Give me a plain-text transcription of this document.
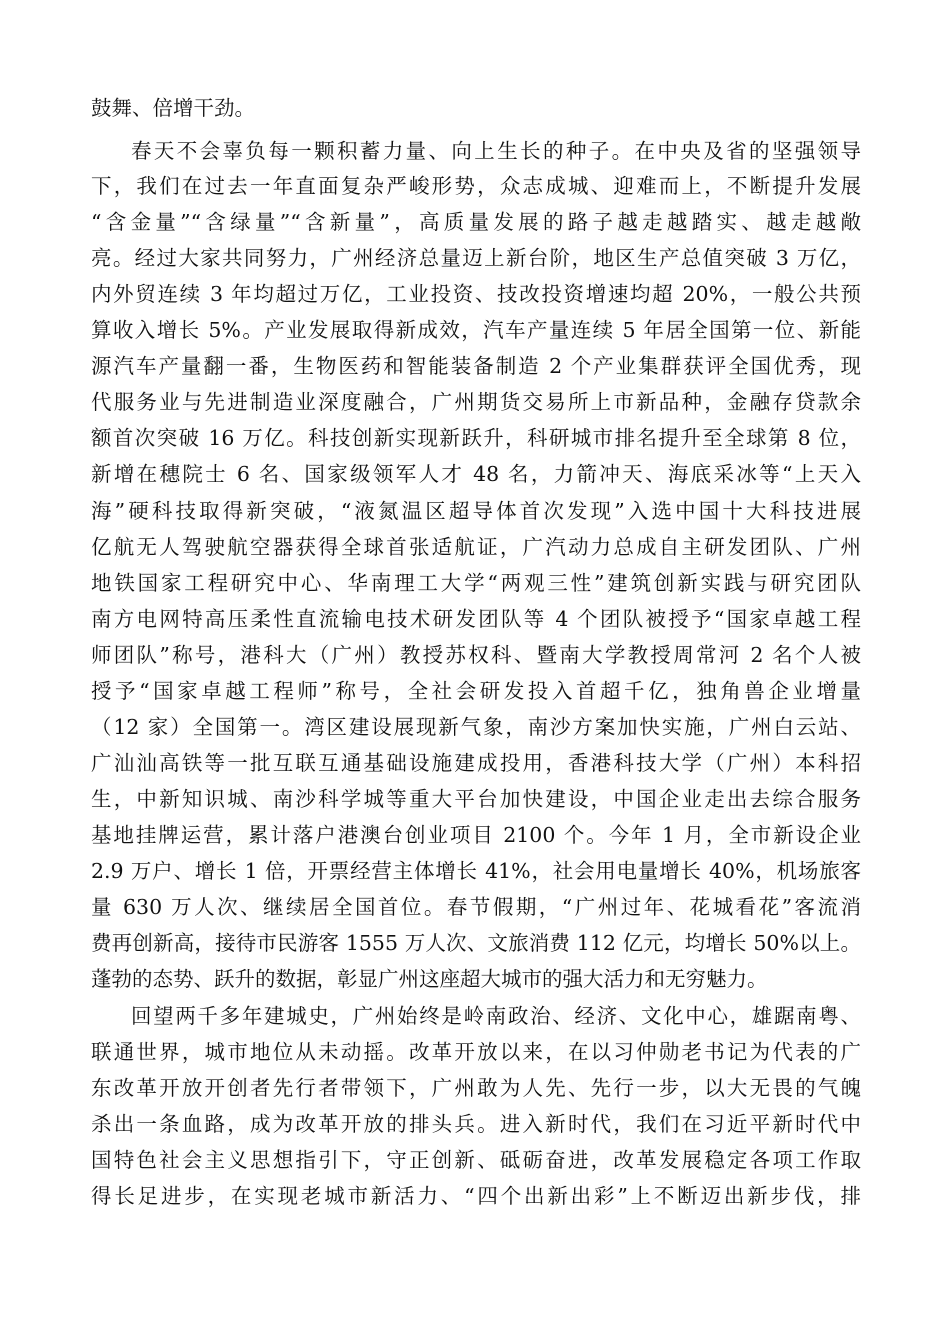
鼓舞、倍增干劲。
春天不会辜负每一颗积蓄力量、向上生长的种子。在中央及省的坚强领导
下，我们在过去一年直面复杂严峻形势，众志成城、迎难而上，不断提升发展
“含金量”“含绿量”“含新量”，高质量发展的路子越走越踏实、越走越敞
亮。经过大家共同努力，广州经济总量迈上新台阶，地区生产总值突破 3 万亿，
内外贸连续 3 年均超过万亿，工业投资、技改投资增速均超 20%，一般公共预
算收入增长 5%。产业发展取得新成效，汽车产量连续 5 年居全国第一位、新能
源汽车产量翻一番，生物医药和智能装备制造 2 个产业集群获评全国优秀，现
代服务业与先进制造业深度融合，广州期货交易所上市新品种，金融存贷款余
额首次突破 16 万亿。科技创新实现新跃升，科研城市排名提升至全球第 8 位，
新增在穗院士 6 名、国家级领军人才 48 名，力箭冲天、海底采冰等“上天入
海”硬科技取得新突破，“液氮温区超导体首次发现”入选中国十大科技进展
亿航无人驾驶航空器获得全球首张适航证，广汽动力总成自主研发团队、广州
地铁国家工程研究中心、华南理工大学“两观三性”建筑创新实践与研究团队
南方电网特高压柔性直流输电技术研发团队等 4 个团队被授予“国家卓越工程
师团队”称号，港科大（广州）教授苏权科、暨南大学教授周常河 2 名个人被
授予“国家卓越工程师”称号，全社会研发投入首超千亿，独角兽企业增量
（12 家）全国第一。湾区建设展现新气象，南沙方案加快实施，广州白云站、
广汕汕高铁等一批互联互通基础设施建成投用，香港科技大学（广州）本科招
生，中新知识城、南沙科学城等重大平台加快建设，中国企业走出去综合服务
基地挂牌运营，累计落户港澳台创业项目 2100 个。今年 1 月，全市新设企业
2.9 万户、增长 1 倍，开票经营主体增长 41%，社会用电量增长 40%，机场旅客
量 630 万人次、继续居全国首位。春节假期，“广州过年、花城看花”客流消
费再创新高，接待市民游客 1555 万人次、文旅消费 112 亿元，均增长 50%以上。
蓬勃的态势、跃升的数据，彰显广州这座超大城市的强大活力和无穷魅力。
回望两千多年建城史，广州始终是岭南政治、经济、文化中心，雄踞南粤、
联通世界，城市地位从未动摇。改革开放以来，在以习仲勋老书记为代表的广
东改革开放开创者先行者带领下，广州敢为人先、先行一步，以大无畏的气魄
杀出一条血路，成为改革开放的排头兵。进入新时代，我们在习近平新时代中
国特色社会主义思想指引下，守正创新、砥砺奋进，改革发展稳定各项工作取
得长足进步，在实现老城市新活力、“四个出新出彩”上不断迈出新步伐，排
